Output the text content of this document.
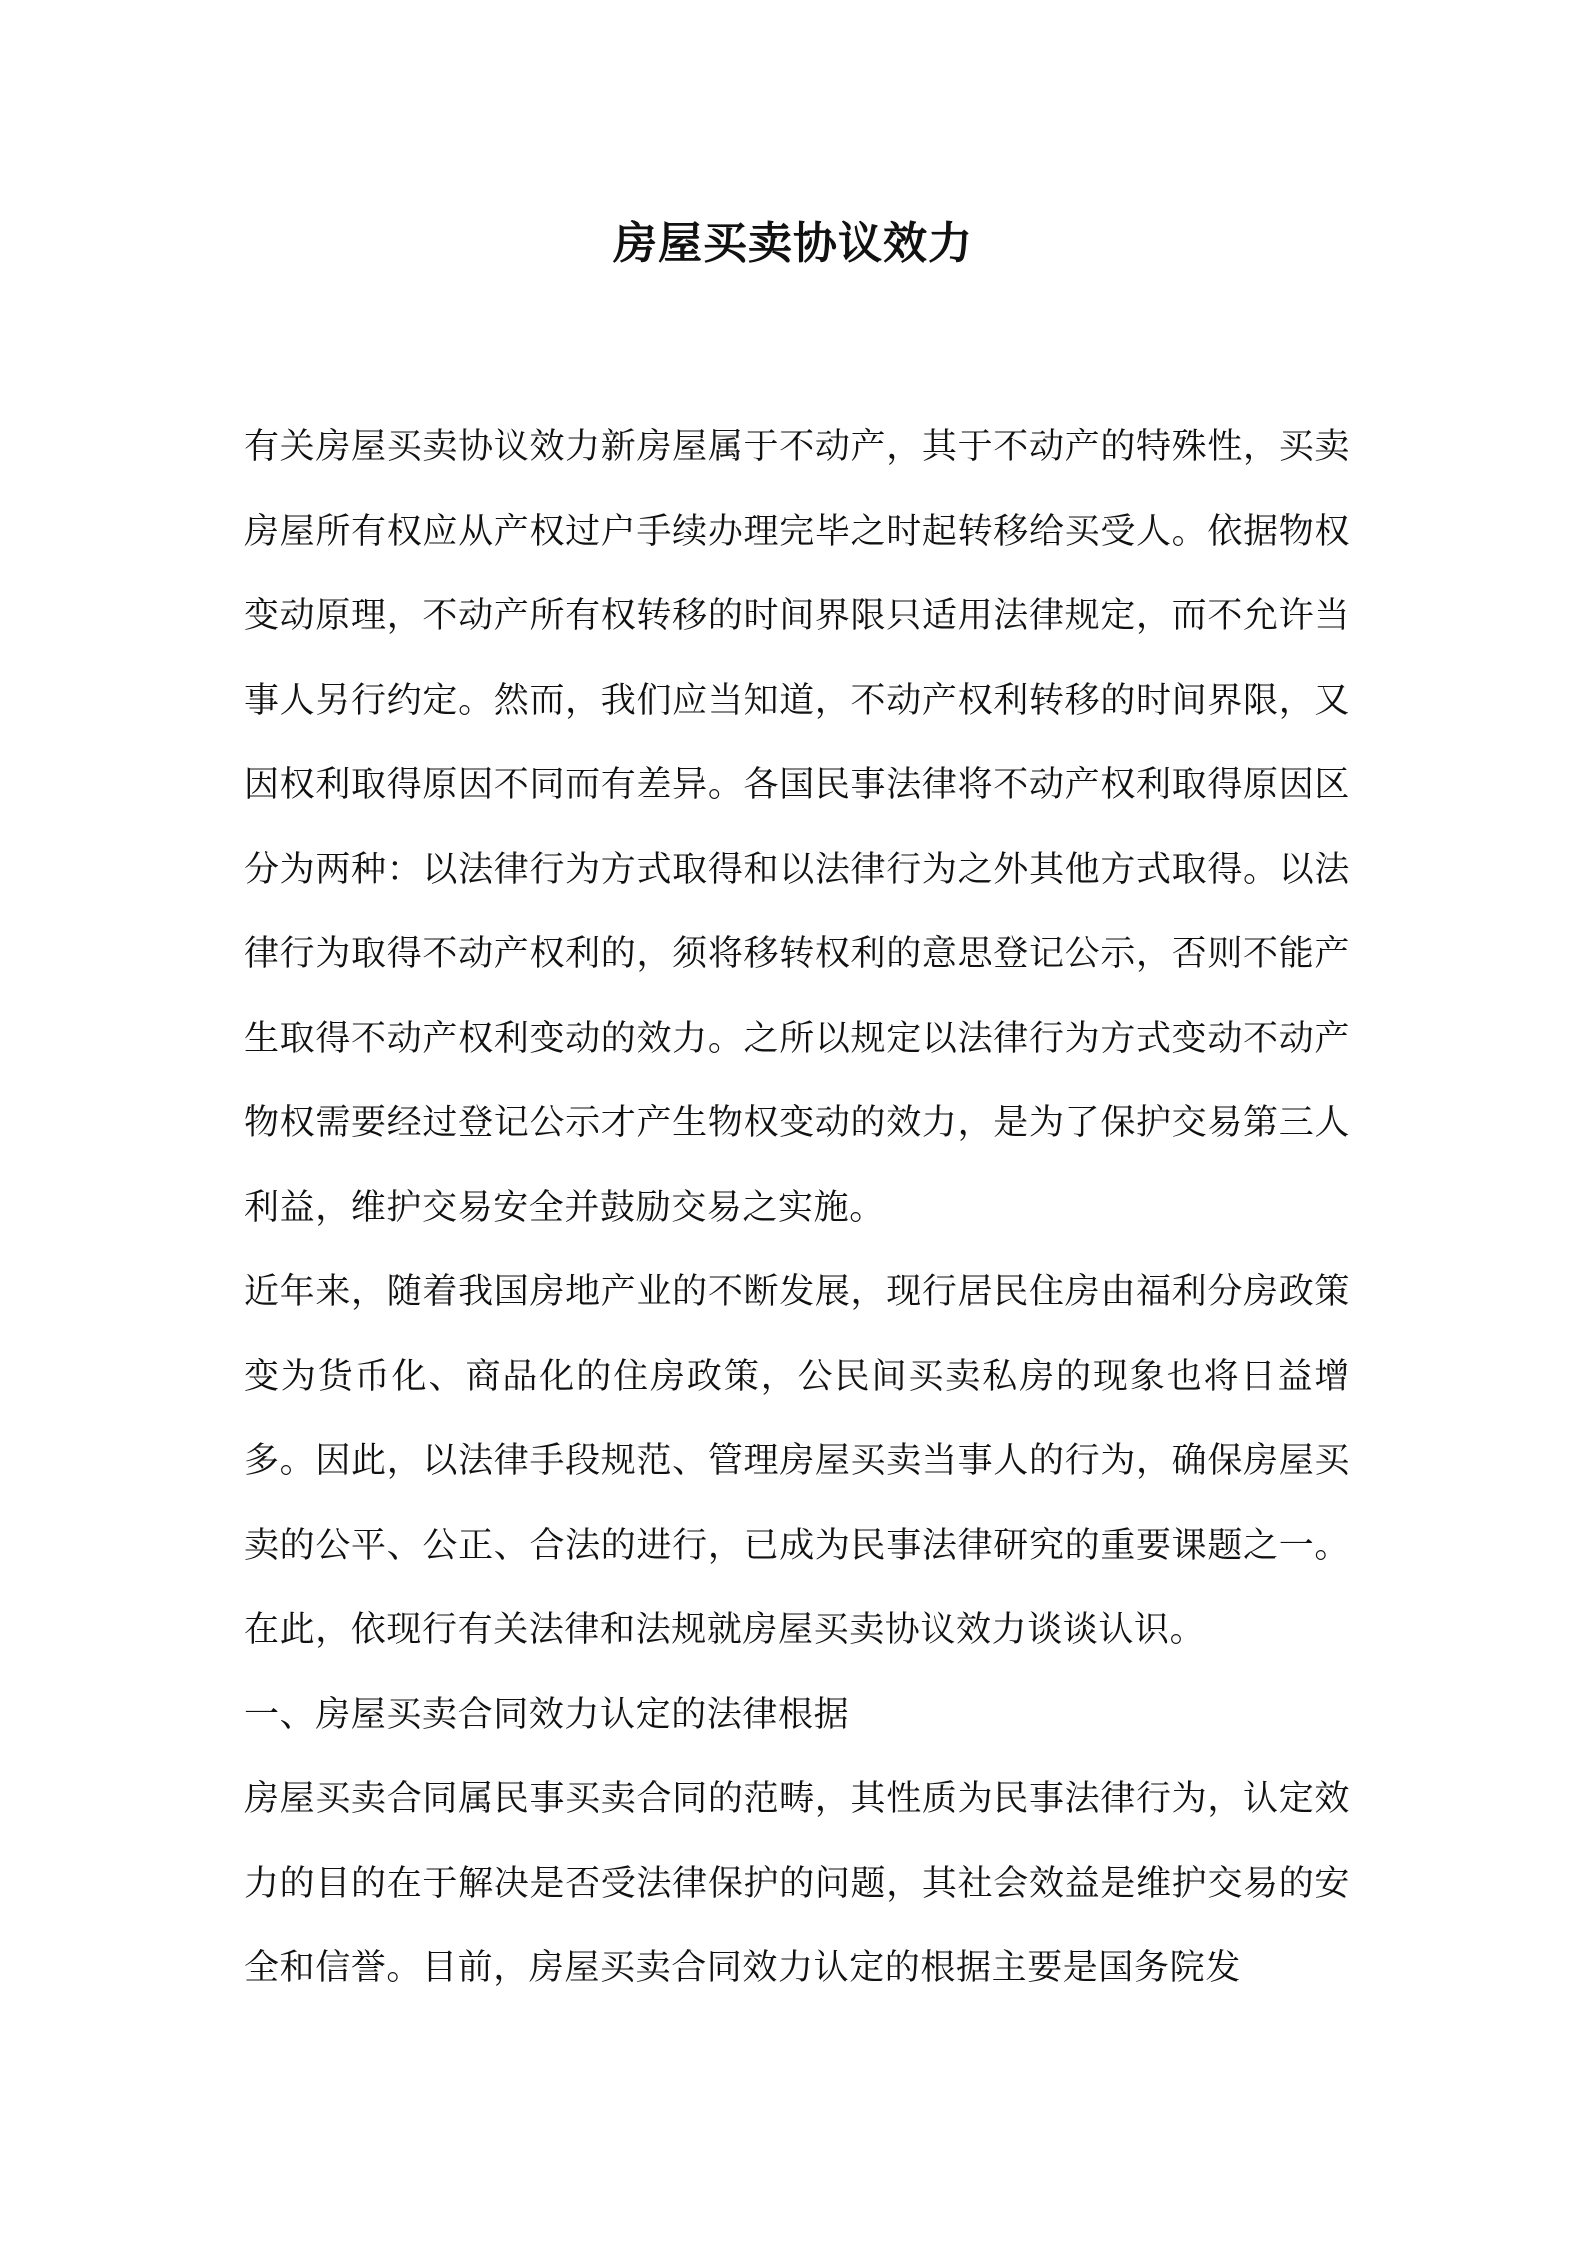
房屋买卖协议效力

有关房屋买卖协议效力新房屋属于不动产，其于不动产的特殊性，买卖房屋所有权应从产权过户手续办理完毕之时起转移给买受人。依据物权变动原理，不动产所有权转移的时间界限只适用法律规定，而不允许当事人另行约定。然而，我们应当知道，不动产权利转移的时间界限，又因权利取得原因不同而有差异。各国民事法律将不动产权利取得原因区分为两种：以法律行为方式取得和以法律行为之外其他方式取得。以法律行为取得不动产权利的，须将移转权利的意思登记公示，否则不能产生取得不动产权利变动的效力。之所以规定以法律行为方式变动不动产物权需要经过登记公示才产生物权变动的效力，是为了保护交易第三人利益，维护交易安全并鼓励交易之实施。

近年来，随着我国房地产业的不断发展，现行居民住房由福利分房政策变为货币化、商品化的住房政策，公民间买卖私房的现象也将日益增多。因此，以法律手段规范、管理房屋买卖当事人的行为，确保房屋买卖的公平、公正、合法的进行，已成为民事法律研究的重要课题之一。在此，依现行有关法律和法规就房屋买卖协议效力谈谈认识。

一、房屋买卖合同效力认定的法律根据

房屋买卖合同属民事买卖合同的范畴，其性质为民事法律行为，认定效力的目的在于解决是否受法律保护的问题，其社会效益是维护交易的安全和信誉。目前，房屋买卖合同效力认定的根据主要是国务院发
